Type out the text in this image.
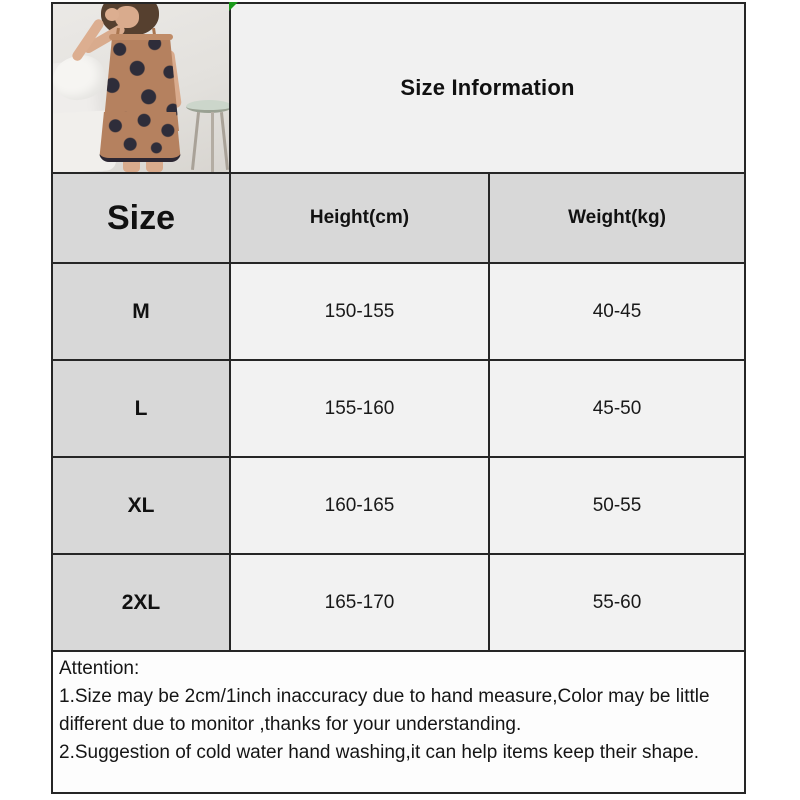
Size Information
Size	Height(cm)	Weight(kg)
M	150-155	40-45
L	155-160	45-50
XL	160-165	50-55
2XL	165-170	55-60

Attention:

1.Size may be 2cm/1inch inaccuracy due to hand measure,Color may be little different due to monitor ,thanks for your understanding.

2.Suggestion of cold water hand washing,it can help items keep their shape.
